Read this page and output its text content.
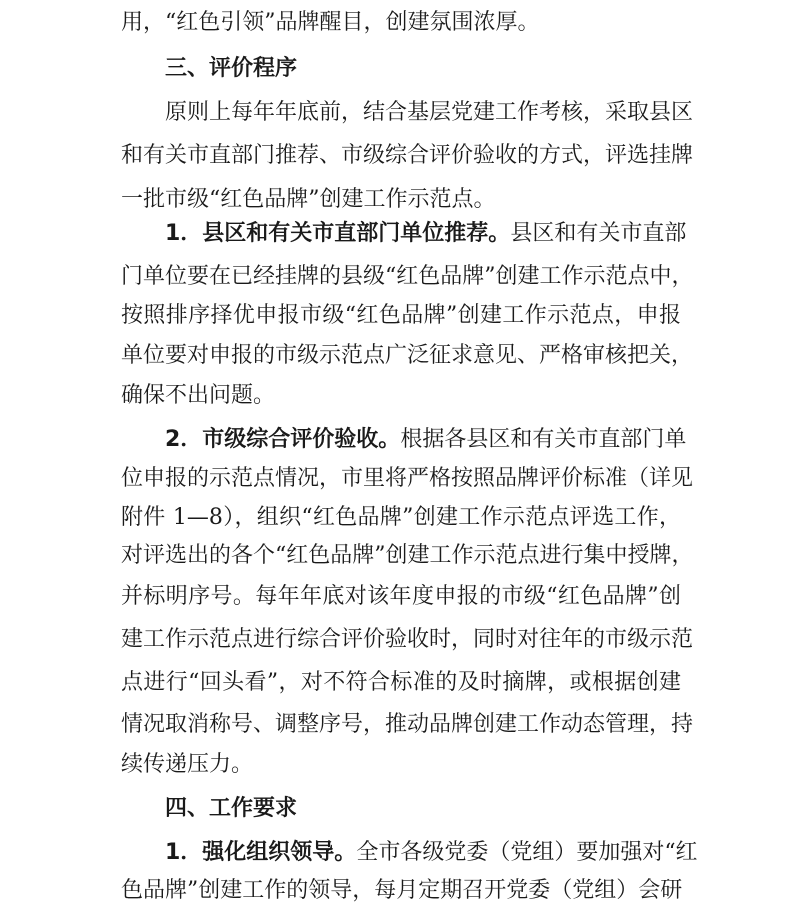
用，“红色引领”品牌醒目，创建氛围浓厚。
三、评价程序
原则上每年年底前，结合基层党建工作考核，采取县区
和有关市直部门推荐、市级综合评价验收的方式，评选挂牌
一批市级“红色品牌”创建工作示范点。
1．县区和有关市直部门单位推荐。县区和有关市直部
门单位要在已经挂牌的县级“红色品牌”创建工作示范点中，
按照排序择优申报市级“红色品牌”创建工作示范点，申报
单位要对申报的市级示范点广泛征求意见、严格审核把关，
确保不出问题。
2．市级综合评价验收。根据各县区和有关市直部门单
位申报的示范点情况，市里将严格按照品牌评价标准（详见
附件 1—8），组织“红色品牌”创建工作示范点评选工作，
对评选出的各个“红色品牌”创建工作示范点进行集中授牌，
并标明序号。每年年底对该年度申报的市级“红色品牌”创
建工作示范点进行综合评价验收时，同时对往年的市级示范
点进行“回头看”，对不符合标准的及时摘牌，或根据创建
情况取消称号、调整序号，推动品牌创建工作动态管理，持
续传递压力。
四、工作要求
1．强化组织领导。全市各级党委（党组）要加强对“红
色品牌”创建工作的领导，每月定期召开党委（党组）会研
